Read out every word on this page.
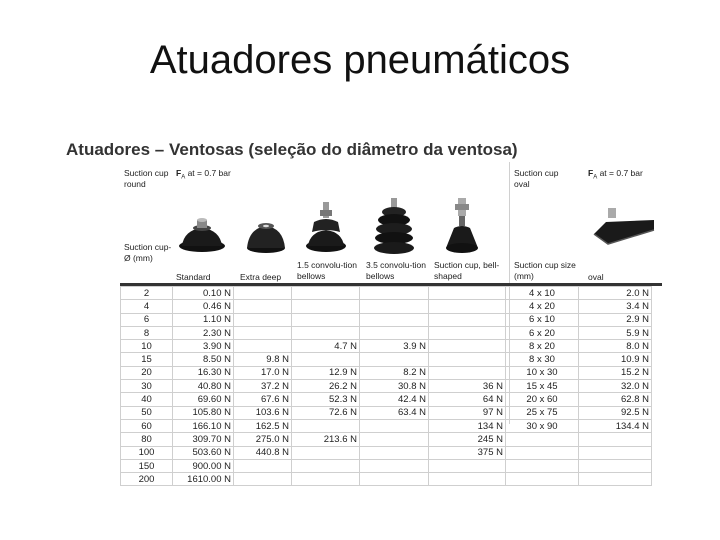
Atuadores pneumáticos
Atuadores – Ventosas (seleção do diâmetro da ventosa)
Suction cup round
$F_A$ at = 0.7 bar
Suction cup-Ø (mm)
Suction cup oval
$F_A$ at = 0.7 bar
Standard	Extra deep
1.5 convolu-tion bellows
3.5 convolu-tion bellows
Suction cup, bell-shaped
Suction cup size (mm)	oval
2	0.10 N					4 x 10	2.0 N
4	0.46 N					4 x 20	3.4 N
6	1.10 N					6 x 10	2.9 N
8	2.30 N					6 x 20	5.9 N
10	3.90 N		4.7 N	3.9 N		8 x 20	8.0 N
15	8.50 N	9.8 N				8 x 30	10.9 N
20	16.30 N	17.0 N	12.9 N	8.2 N		10 x 30	15.2 N
30	40.80 N	37.2 N	26.2 N	30.8 N	36 N	15 x 45	32.0 N
40	69.60 N	67.6 N	52.3 N	42.4 N	64 N	20 x 60	62.8 N
50	105.80 N	103.6 N	72.6 N	63.4 N	97 N	25 x 75	92.5 N
60	166.10 N	162.5 N			134 N	30 x 90	134.4 N
80	309.70 N	275.0 N	213.6 N		245 N		
100	503.60 N	440.8 N			375 N		
150	900.00 N						
200	1610.00 N						
